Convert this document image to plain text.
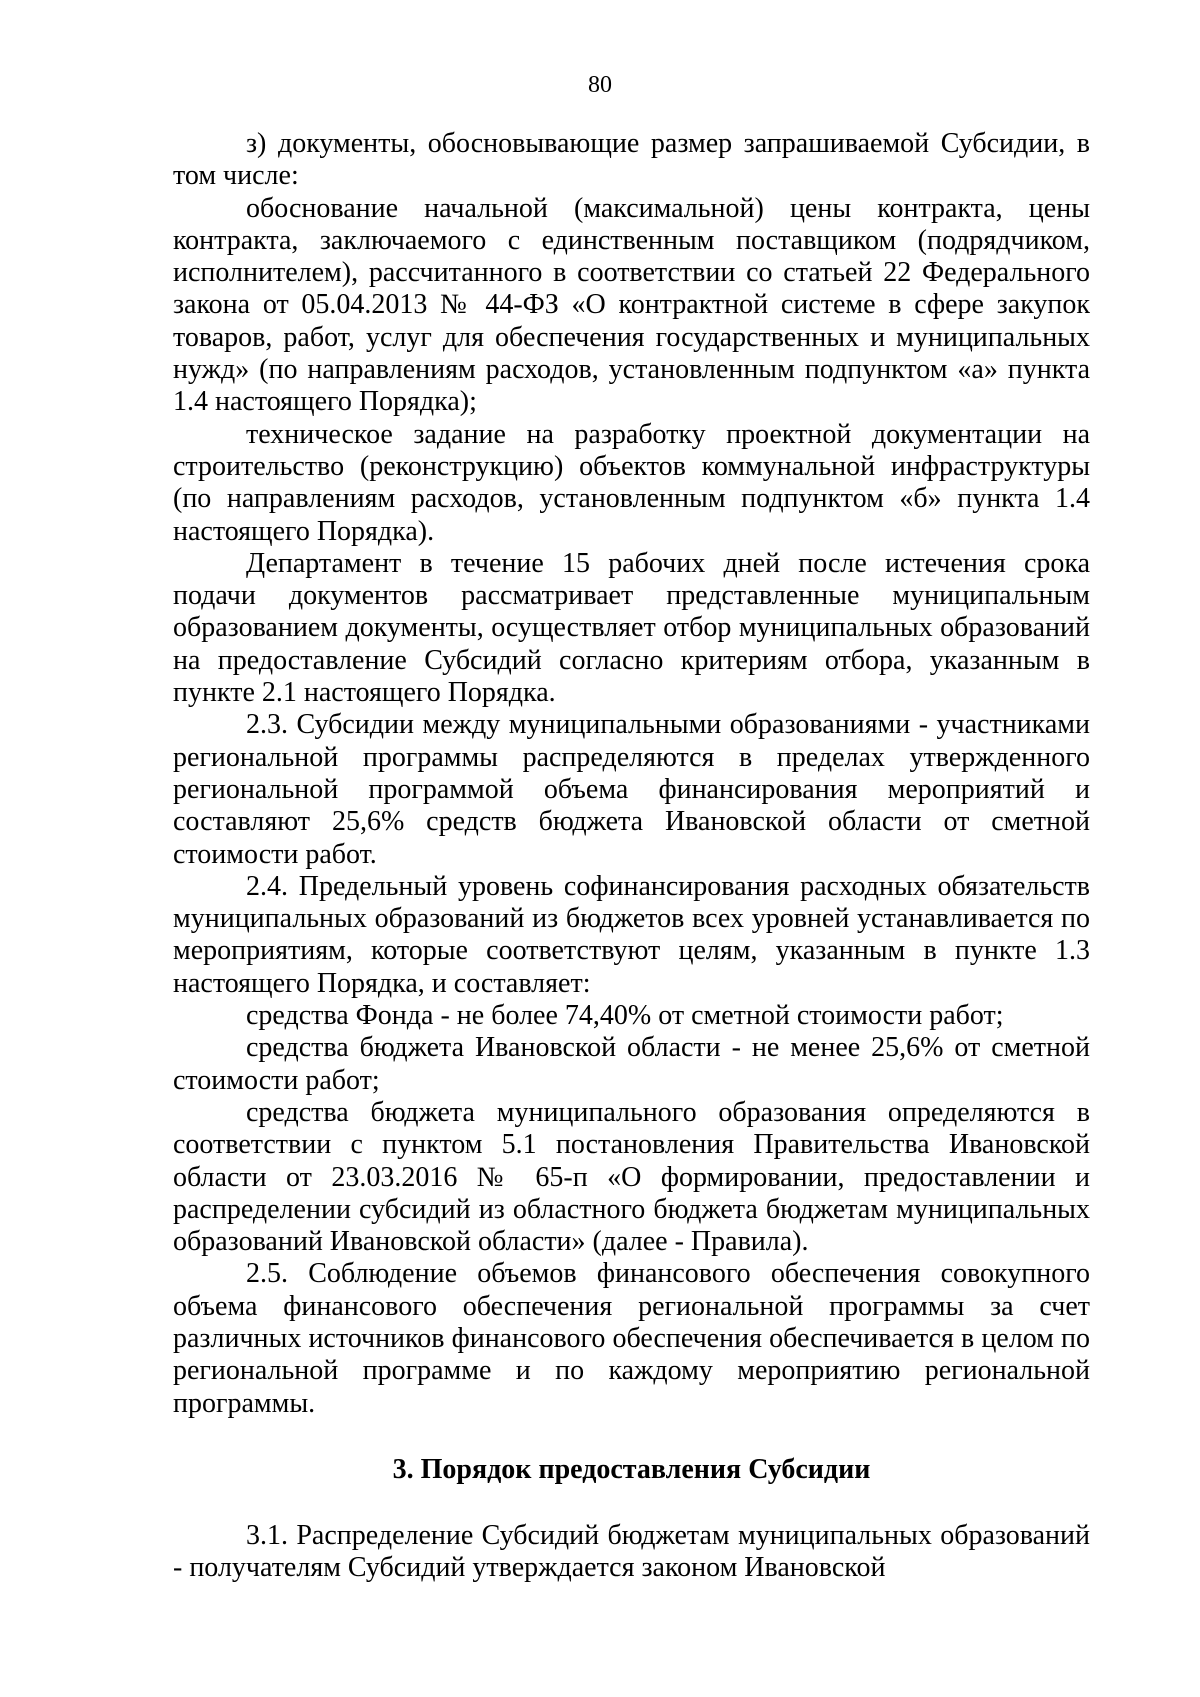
80

з) документы, обосновывающие размер запрашиваемой Субсидии, в том числе:

обоснование начальной (максимальной) цены контракта, цены контракта, заключаемого с единственным поставщиком (подрядчиком, исполнителем), рассчитанного в соответствии со статьей 22 Федерального закона от 05.04.2013 № 44-ФЗ «О контрактной системе в сфере закупок товаров, работ, услуг для обеспечения государственных и муниципальных нужд» (по направлениям расходов, установленным подпунктом «а» пункта 1.4 настоящего Порядка);

техническое задание на разработку проектной документации на строительство (реконструкцию) объектов коммунальной инфраструктуры (по направлениям расходов, установленным подпунктом «б» пункта 1.4 настоящего Порядка).

Департамент в течение 15 рабочих дней после истечения срока подачи документов рассматривает представленные муниципальным образованием документы, осуществляет отбор муниципальных образований на предоставление Субсидий согласно критериям отбора, указанным в пункте 2.1 настоящего Порядка.

2.3. Субсидии между муниципальными образованиями - участниками региональной программы распределяются в пределах утвержденного региональной программой объема финансирования мероприятий и составляют 25,6% средств бюджета Ивановской области от сметной стоимости работ.

2.4. Предельный уровень софинансирования расходных обязательств муниципальных образований из бюджетов всех уровней устанавливается по мероприятиям, которые соответствуют целям, указанным в пункте 1.3 настоящего Порядка, и составляет:

средства Фонда - не более 74,40% от сметной стоимости работ;

средства бюджета Ивановской области - не менее 25,6% от сметной стоимости работ;

средства бюджета муниципального образования определяются в соответствии с пунктом 5.1 постановления Правительства Ивановской области от 23.03.2016 № 65-п «О формировании, предоставлении и распределении субсидий из областного бюджета бюджетам муниципальных образований Ивановской области» (далее - Правила).

2.5. Соблюдение объемов финансового обеспечения совокупного объема финансового обеспечения региональной программы за счет различных источников финансового обеспечения обеспечивается в целом по региональной программе и по каждому мероприятию региональной программы.

3. Порядок предоставления Субсидии

3.1. Распределение Субсидий бюджетам муниципальных образований - получателям Субсидий утверждается законом Ивановской
